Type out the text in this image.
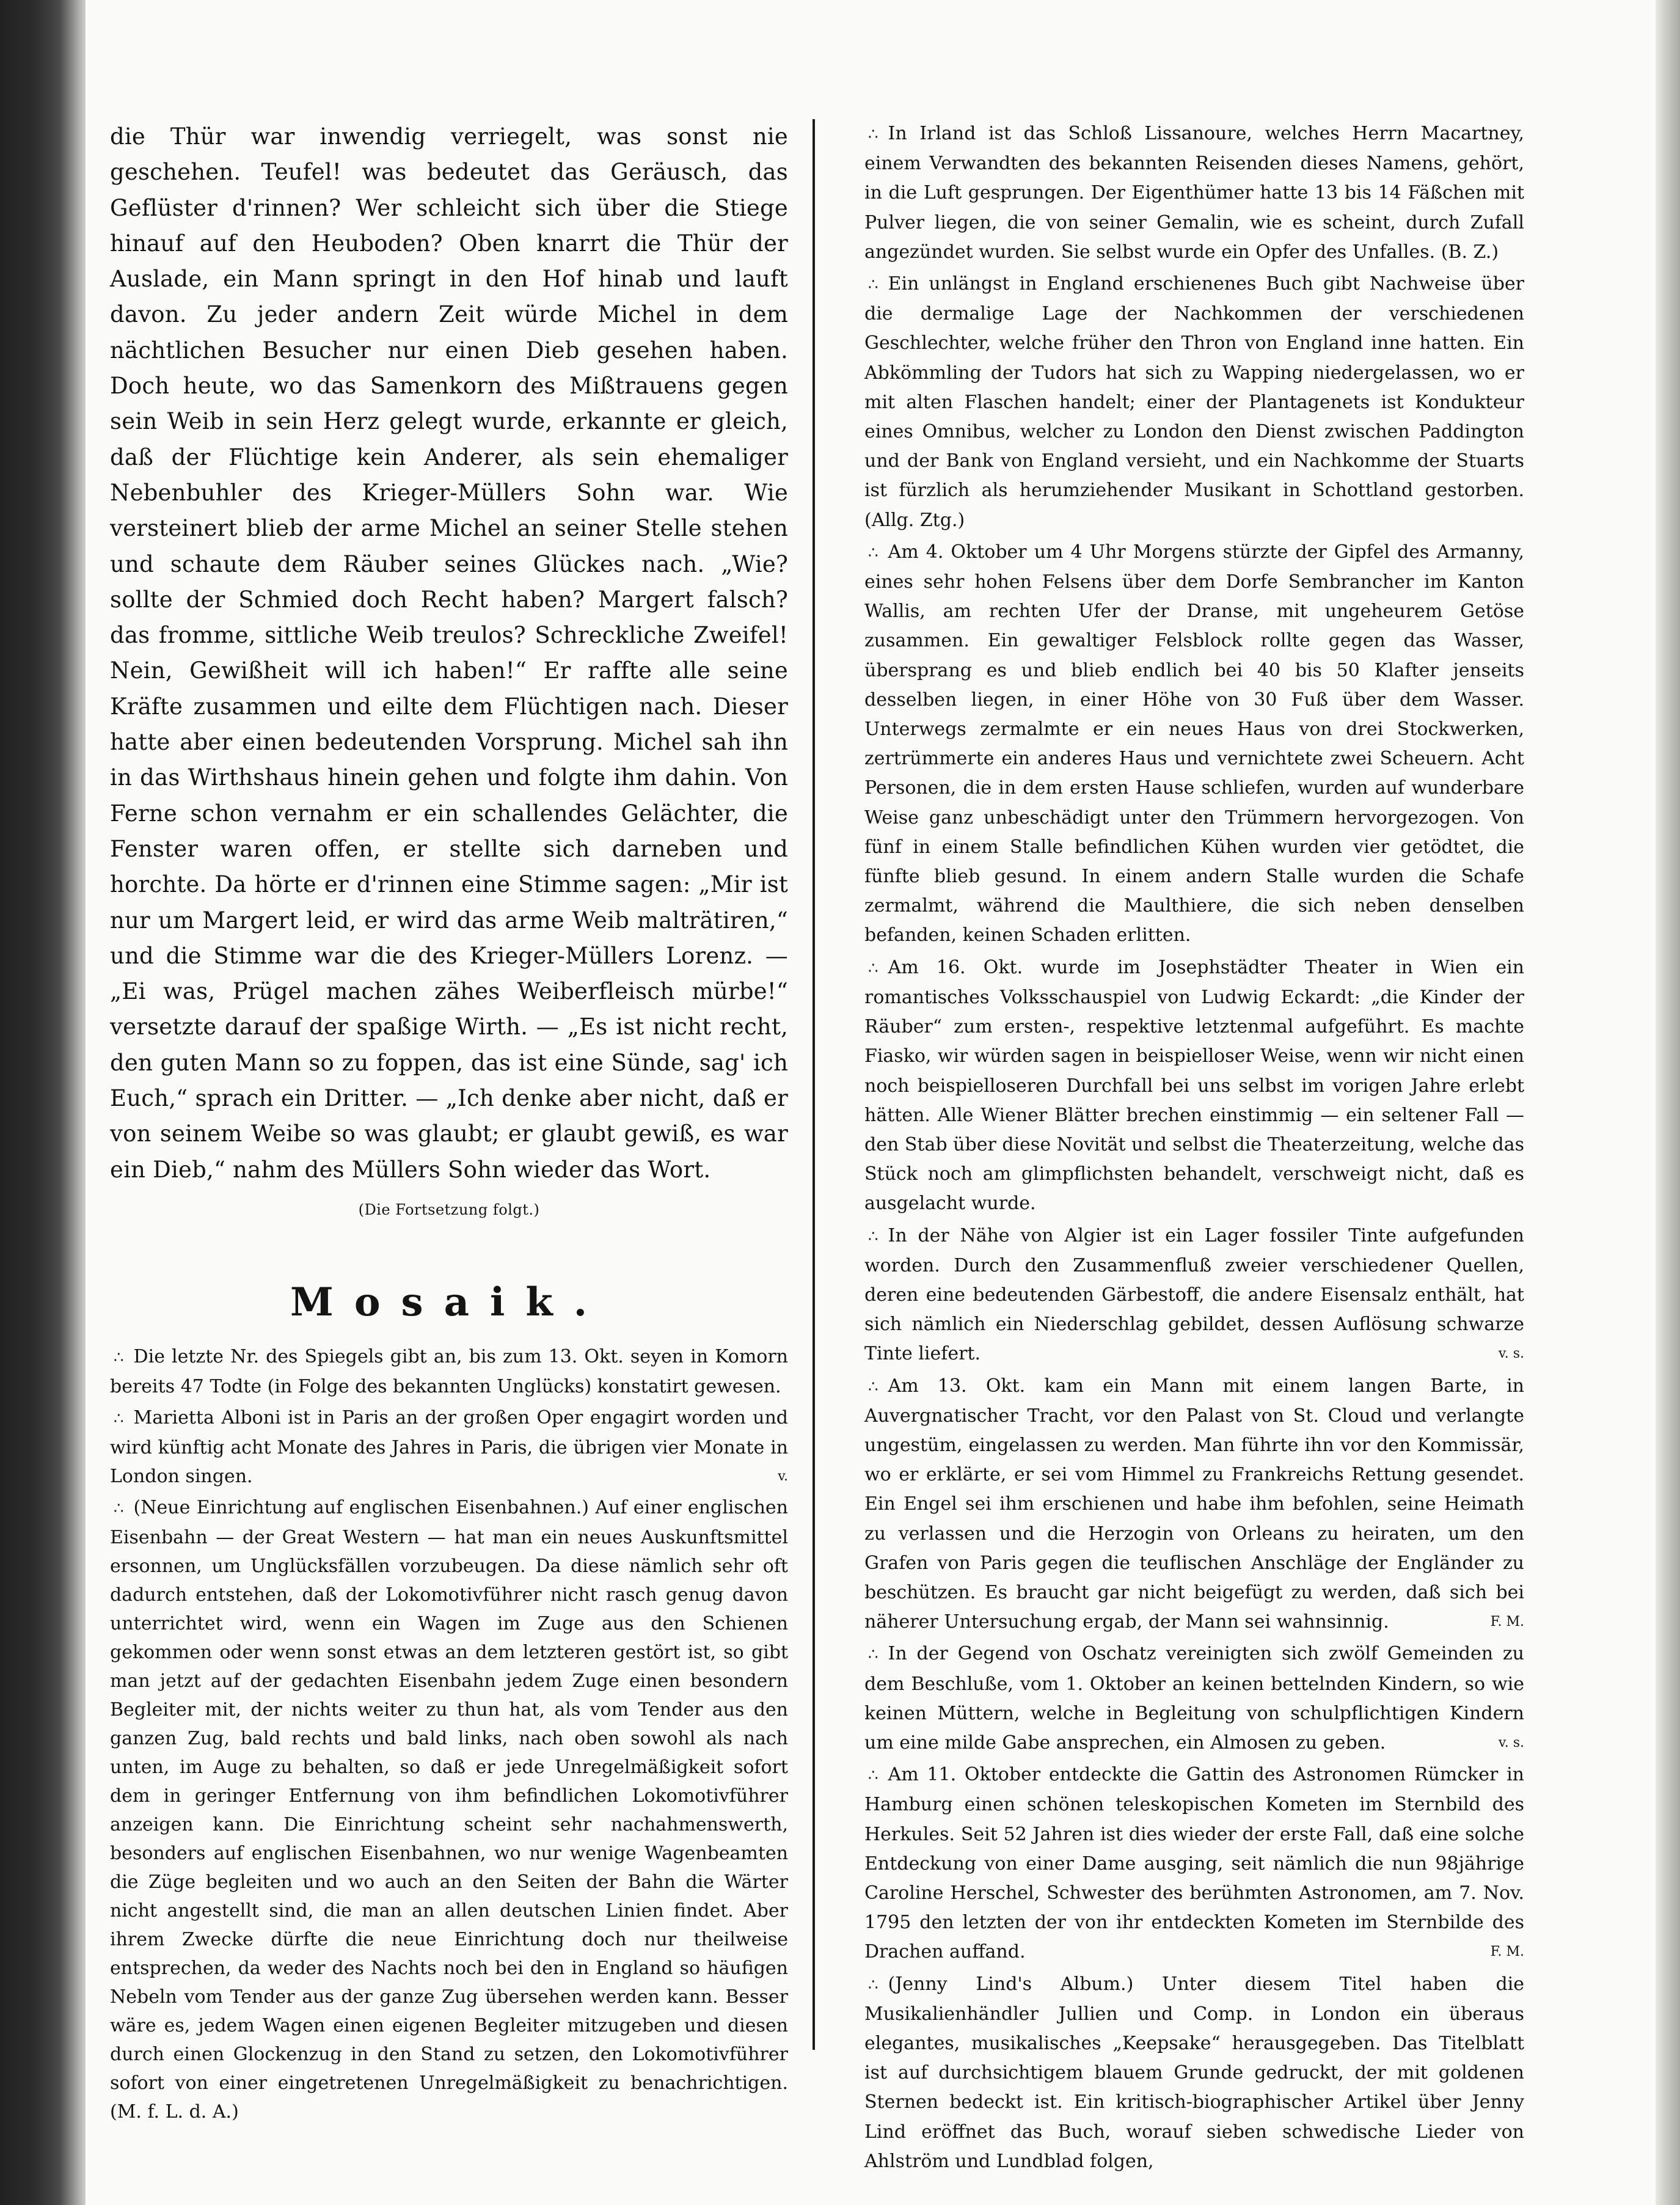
die Thür war inwendig verriegelt, was sonst nie geschehen. Teufel! was bedeutet das Geräusch, das Geflüster d'rinnen? Wer schleicht sich über die Stiege hinauf auf den Heuboden? Oben knarrt die Thür der Auslade, ein Mann springt in den Hof hinab und lauft davon. Zu jeder andern Zeit würde Michel in dem nächtlichen Besucher nur einen Dieb gesehen haben. Doch heute, wo das Samenkorn des Mißtrauens gegen sein Weib in sein Herz gelegt wurde, erkannte er gleich, daß der Flüchtige kein Anderer, als sein ehemaliger Nebenbuhler des Krieger-Müllers Sohn war. Wie versteinert blieb der arme Michel an seiner Stelle stehen und schaute dem Räuber seines Glückes nach. „Wie? sollte der Schmied doch Recht haben? Margert falsch? das fromme, sittliche Weib treulos? Schreckliche Zweifel! Nein, Gewißheit will ich haben!“ Er raffte alle seine Kräfte zusammen und eilte dem Flüchtigen nach. Dieser hatte aber einen bedeutenden Vorsprung. Michel sah ihn in das Wirthshaus hinein gehen und folgte ihm dahin. Von Ferne schon vernahm er ein schallendes Gelächter, die Fenster waren offen, er stellte sich darneben und horchte. Da hörte er d'rinnen eine Stimme sagen: „Mir ist nur um Margert leid, er wird das arme Weib malträtiren,“ und die Stimme war die des Krieger-Müllers Lorenz. — „Ei was, Prügel machen zähes Weiberfleisch mürbe!“ versetzte darauf der spaßige Wirth. — „Es ist nicht recht, den guten Mann so zu foppen, das ist eine Sünde, sag' ich Euch,“ sprach ein Dritter. — „Ich denke aber nicht, daß er von seinem Weibe so was glaubt; er glaubt gewiß, es war ein Dieb,“ nahm des Müllers Sohn wieder das Wort.

(Die Fortsetzung folgt.)
Mosaik.
∴ Die letzte Nr. des Spiegels gibt an, bis zum 13. Okt. seyen in Komorn bereits 47 Todte (in Folge des bekannten Unglücks) konstatirt gewesen.
∴ Marietta Alboni ist in Paris an der großen Oper engagirt worden und wird künftig acht Monate des Jahres in Paris, die übrigen vier Monate in London singen.	v.
∴ (Neue Einrichtung auf englischen Eisenbahnen.) Auf einer englischen Eisenbahn — der Great Western — hat man ein neues Auskunftsmittel ersonnen, um Unglücksfällen vorzubeugen. Da diese nämlich sehr oft dadurch entstehen, daß der Lokomotivführer nicht rasch genug davon unterrichtet wird, wenn ein Wagen im Zuge aus den Schienen gekommen oder wenn sonst etwas an dem letzteren gestört ist, so gibt man jetzt auf der gedachten Eisenbahn jedem Zuge einen besondern Begleiter mit, der nichts weiter zu thun hat, als vom Tender aus den ganzen Zug, bald rechts und bald links, nach oben sowohl als nach unten, im Auge zu behalten, so daß er jede Unregelmäßigkeit sofort dem in geringer Entfernung von ihm befindlichen Lokomotivführer anzeigen kann. Die Einrichtung scheint sehr nachahmenswerth, besonders auf englischen Eisenbahnen, wo nur wenige Wagenbeamten die Züge begleiten und wo auch an den Seiten der Bahn die Wärter nicht angestellt sind, die man an allen deutschen Linien findet. Aber ihrem Zwecke dürfte die neue Einrichtung doch nur theilweise entsprechen, da weder des Nachts noch bei den in England so häufigen Nebeln vom Tender aus der ganze Zug übersehen werden kann. Besser wäre es, jedem Wagen einen eigenen Begleiter mitzugeben und diesen durch einen Glockenzug in den Stand zu setzen, den Lokomotivführer sofort von einer eingetretenen Unregelmäßigkeit zu benachrichtigen. (M. f. L. d. A.)
∴ In Irland ist das Schloß Lissanoure, welches Herrn Macartney, einem Verwandten des bekannten Reisenden dieses Namens, gehört, in die Luft gesprungen. Der Eigenthümer hatte 13 bis 14 Fäßchen mit Pulver liegen, die von seiner Gemalin, wie es scheint, durch Zufall angezündet wurden. Sie selbst wurde ein Opfer des Unfalles. (B. Z.)
∴ Ein unlängst in England erschienenes Buch gibt Nachweise über die dermalige Lage der Nachkommen der verschiedenen Geschlechter, welche früher den Thron von England inne hatten. Ein Abkömmling der Tudors hat sich zu Wapping niedergelassen, wo er mit alten Flaschen handelt; einer der Plantagenets ist Kondukteur eines Omnibus, welcher zu London den Dienst zwischen Paddington und der Bank von England versieht, und ein Nachkomme der Stuarts ist fürzlich als herumziehender Musikant in Schottland gestorben. (Allg. Ztg.)
∴ Am 4. Oktober um 4 Uhr Morgens stürzte der Gipfel des Armanny, eines sehr hohen Felsens über dem Dorfe Sembrancher im Kanton Wallis, am rechten Ufer der Dranse, mit ungeheurem Getöse zusammen. Ein gewaltiger Felsblock rollte gegen das Wasser, übersprang es und blieb endlich bei 40 bis 50 Klafter jenseits desselben liegen, in einer Höhe von 30 Fuß über dem Wasser. Unterwegs zermalmte er ein neues Haus von drei Stockwerken, zertrümmerte ein anderes Haus und vernichtete zwei Scheuern. Acht Personen, die in dem ersten Hause schliefen, wurden auf wunderbare Weise ganz unbeschädigt unter den Trümmern hervorgezogen. Von fünf in einem Stalle befindlichen Kühen wurden vier getödtet, die fünfte blieb gesund. In einem andern Stalle wurden die Schafe zermalmt, während die Maulthiere, die sich neben denselben befanden, keinen Schaden erlitten.
∴ Am 16. Okt. wurde im Josephstädter Theater in Wien ein romantisches Volksschauspiel von Ludwig Eckardt: „die Kinder der Räuber“ zum ersten-, respektive letztenmal aufgeführt. Es machte Fiasko, wir würden sagen in beispielloser Weise, wenn wir nicht einen noch beispielloseren Durchfall bei uns selbst im vorigen Jahre erlebt hätten. Alle Wiener Blätter brechen einstimmig — ein seltener Fall — den Stab über diese Novität und selbst die Theaterzeitung, welche das Stück noch am glimpflichsten behandelt, verschweigt nicht, daß es ausgelacht wurde.
∴ In der Nähe von Algier ist ein Lager fossiler Tinte aufgefunden worden. Durch den Zusammenfluß zweier verschiedener Quellen, deren eine bedeutenden Gärbestoff, die andere Eisensalz enthält, hat sich nämlich ein Niederschlag gebildet, dessen Auflösung schwarze Tinte liefert.	v. s.
∴ Am 13. Okt. kam ein Mann mit einem langen Barte, in Auvergnatischer Tracht, vor den Palast von St. Cloud und verlangte ungestüm, eingelassen zu werden. Man führte ihn vor den Kommissär, wo er erklärte, er sei vom Himmel zu Frankreichs Rettung gesendet. Ein Engel sei ihm erschienen und habe ihm befohlen, seine Heimath zu verlassen und die Herzogin von Orleans zu heiraten, um den Grafen von Paris gegen die teuflischen Anschläge der Engländer zu beschützen. Es braucht gar nicht beigefügt zu werden, daß sich bei näherer Untersuchung ergab, der Mann sei wahnsinnig.	F. M.
∴ In der Gegend von Oschatz vereinigten sich zwölf Gemeinden zu dem Beschluße, vom 1. Oktober an keinen bettelnden Kindern, so wie keinen Müttern, welche in Begleitung von schulpflichtigen Kindern um eine milde Gabe ansprechen, ein Almosen zu geben.	v. s.
∴ Am 11. Oktober entdeckte die Gattin des Astronomen Rümcker in Hamburg einen schönen teleskopischen Kometen im Sternbild des Herkules. Seit 52 Jahren ist dies wieder der erste Fall, daß eine solche Entdeckung von einer Dame ausging, seit nämlich die nun 98jährige Caroline Herschel, Schwester des berühmten Astronomen, am 7. Nov. 1795 den letzten der von ihr entdeckten Kometen im Sternbilde des Drachen auffand.	F. M.
∴ (Jenny Lind's Album.) Unter diesem Titel haben die Musikalienhändler Jullien und Comp. in London ein überaus elegantes, musikalisches „Keepsake“ herausgegeben. Das Titelblatt ist auf durchsichtigem blauem Grunde gedruckt, der mit goldenen Sternen bedeckt ist. Ein kritisch-biographischer Artikel über Jenny Lind eröffnet das Buch, worauf sieben schwedische Lieder von Ahlström und Lundblad folgen,
